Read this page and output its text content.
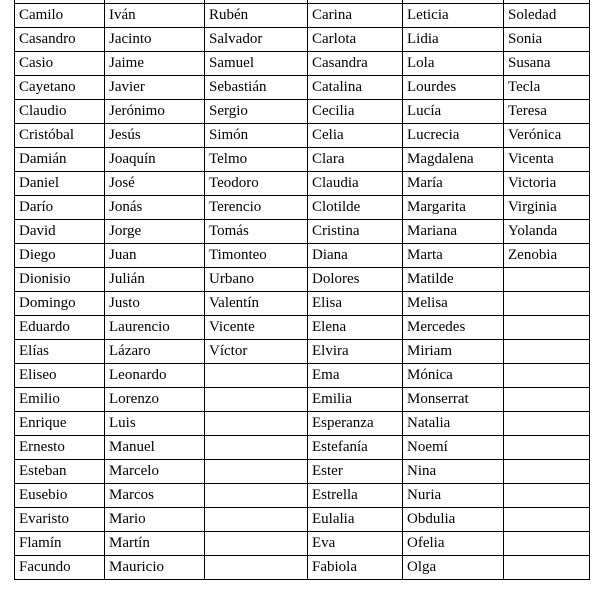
Camilo	Iván	Rubén	Carina	Leticia	Soledad
Casandro	Jacinto	Salvador	Carlota	Lidia	Sonia
Casio	Jaime	Samuel	Casandra	Lola	Susana
Cayetano	Javier	Sebastián	Catalina	Lourdes	Tecla
Claudio	Jerónimo	Sergio	Cecilia	Lucía	Teresa
Cristóbal	Jesús	Simón	Celia	Lucrecia	Verónica
Damián	Joaquín	Telmo	Clara	Magdalena	Vicenta
Daniel	José	Teodoro	Claudia	María	Victoria
Darío	Jonás	Terencio	Clotilde	Margarita	Virginia
David	Jorge	Tomás	Cristina	Mariana	Yolanda
Diego	Juan	Timonteo	Diana	Marta	Zenobia
Dionisio	Julián	Urbano	Dolores	Matilde	
Domingo	Justo	Valentín	Elisa	Melisa	
Eduardo	Laurencio	Vicente	Elena	Mercedes	
Elías	Lázaro	Víctor	Elvira	Miriam	
Eliseo	Leonardo		Ema	Mónica	
Emilio	Lorenzo		Emilia	Monserrat	
Enrique	Luis		Esperanza	Natalia	
Ernesto	Manuel		Estefanía	Noemí	
Esteban	Marcelo		Ester	Nina	
Eusebio	Marcos		Estrella	Nuria	
Evaristo	Mario		Eulalia	Obdulia	
Flamín	Martín		Eva	Ofelia	
Facundo	Mauricio		Fabiola	Olga	
